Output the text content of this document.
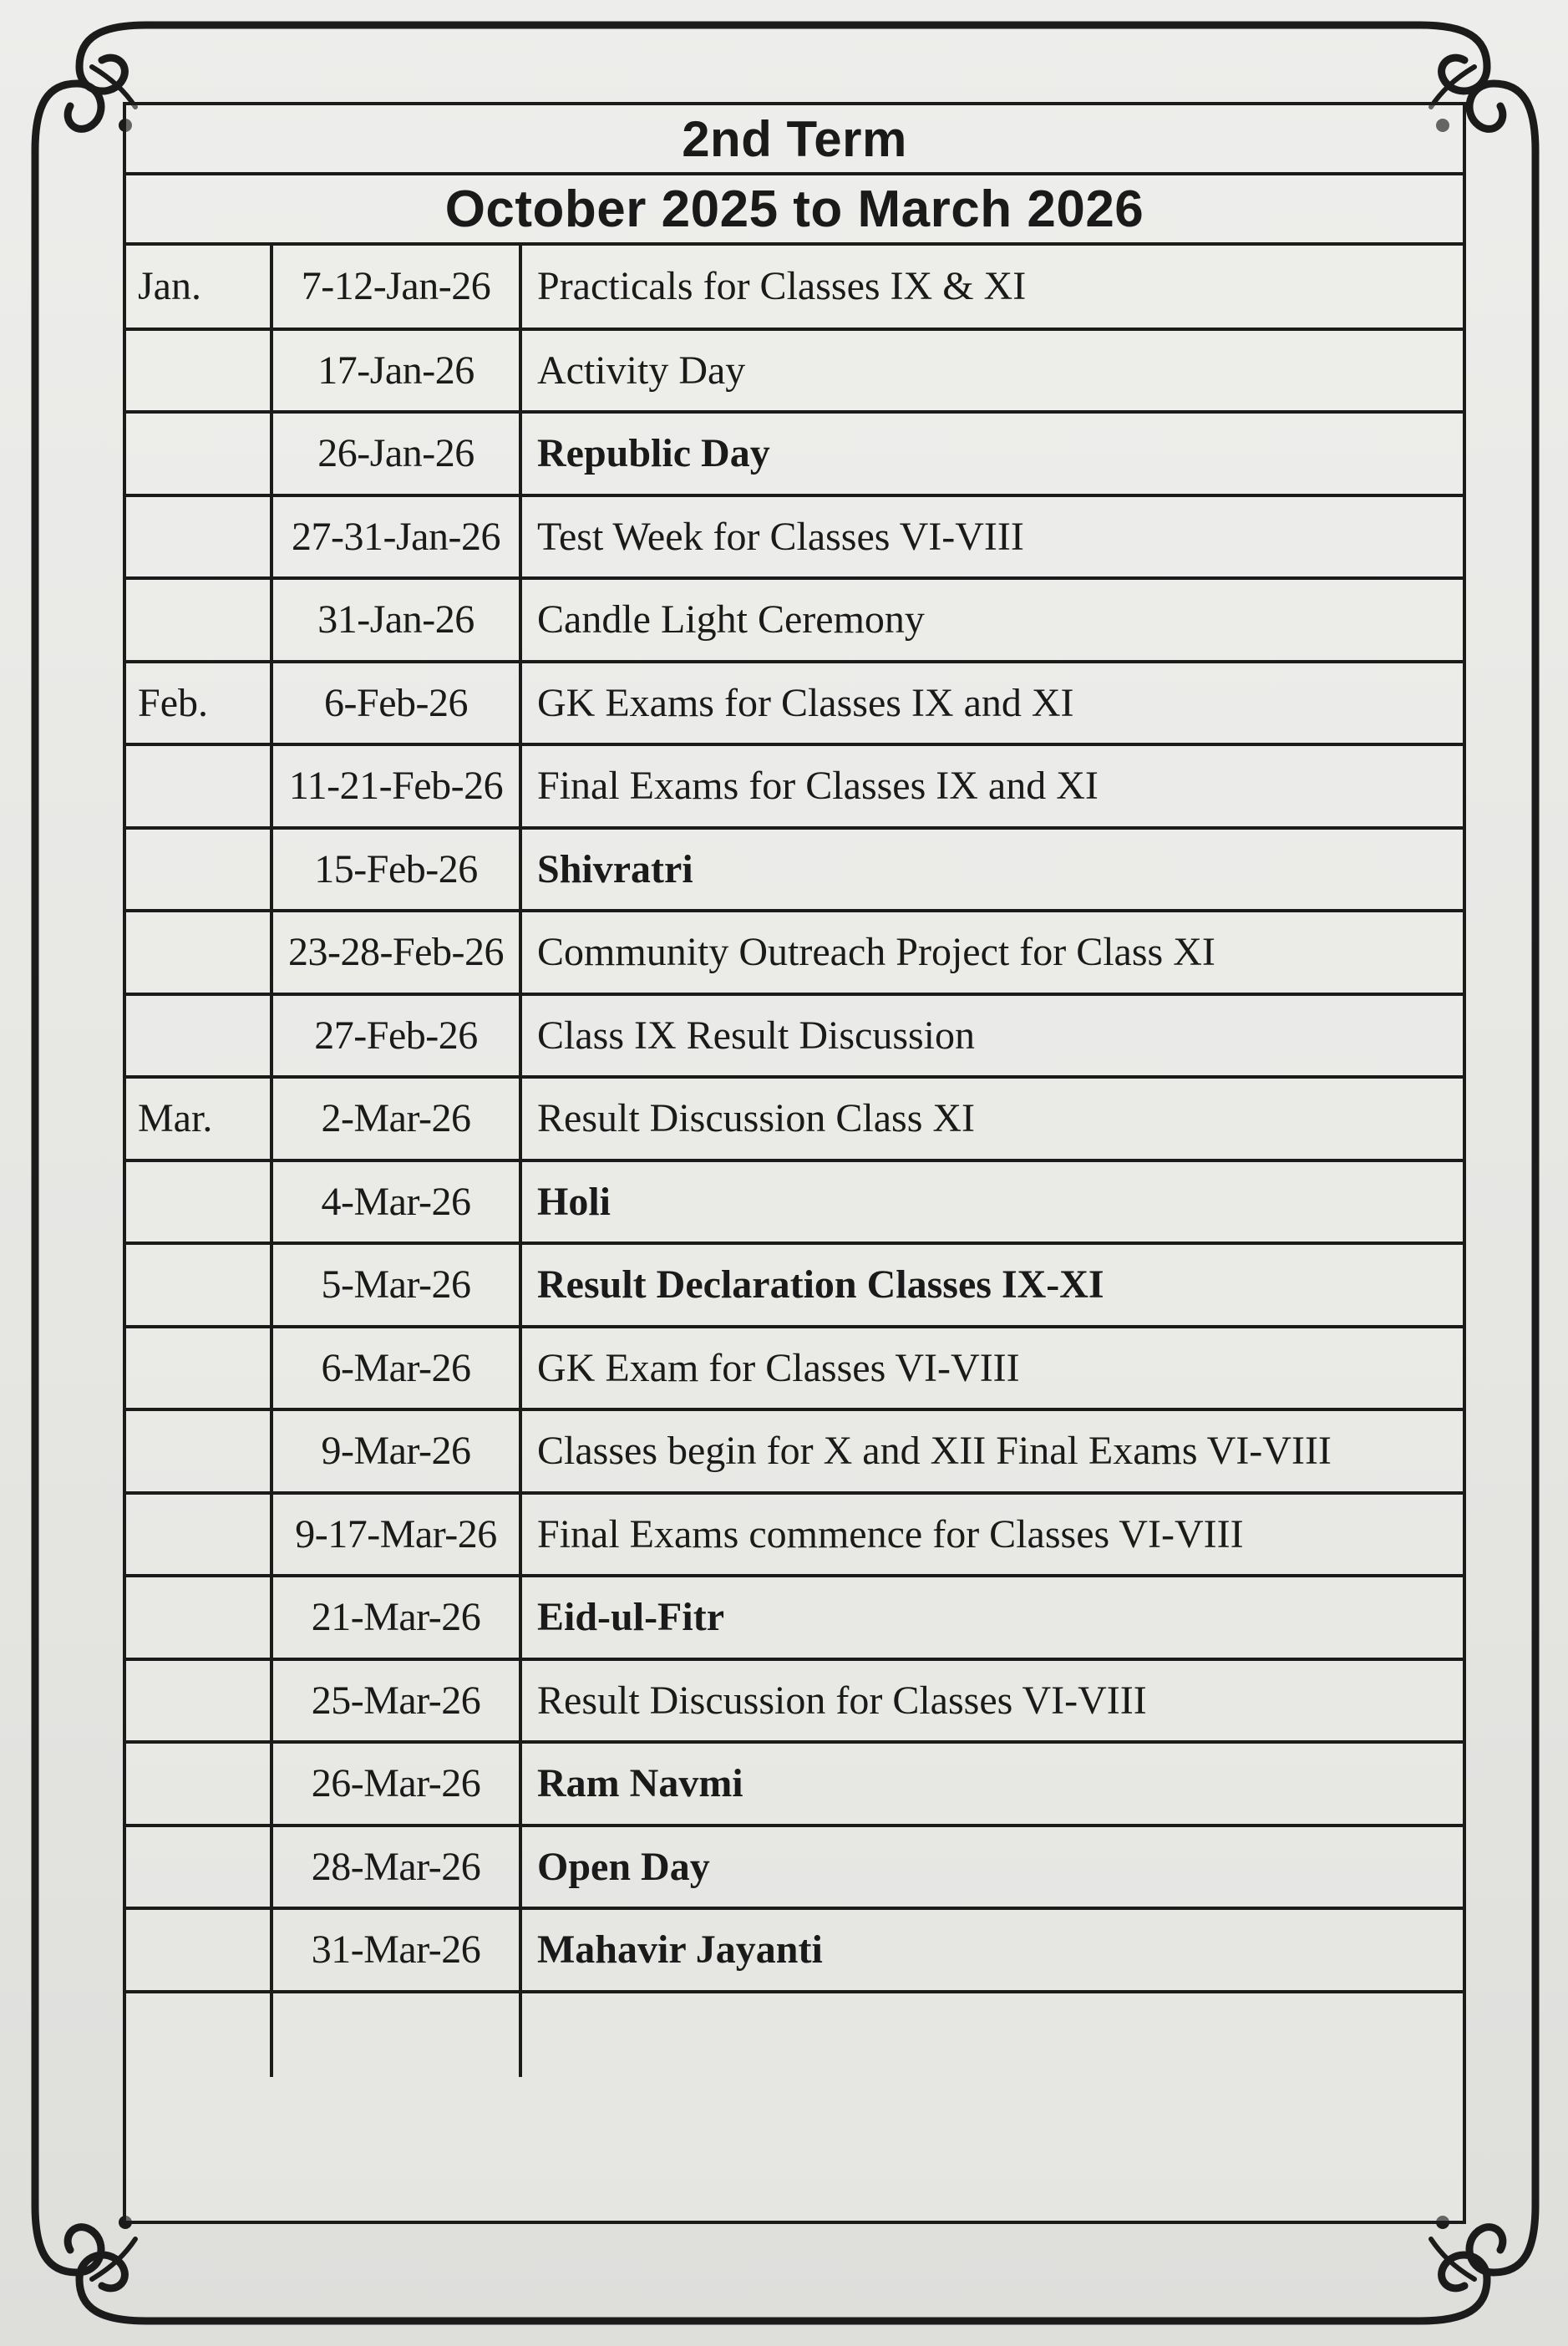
2nd Term
October 2025 to March 2026
Jan.	7-12-Jan-26	Practicals for Classes IX & XI
	17-Jan-26	Activity Day
	26-Jan-26	Republic Day
	27-31-Jan-26	Test Week for Classes VI-VIII
	31-Jan-26	Candle Light Ceremony
Feb.	6-Feb-26	GK Exams for Classes IX and XI
	11-21-Feb-26	Final Exams for Classes IX and XI
	15-Feb-26	Shivratri
	23-28-Feb-26	Community Outreach Project for Class XI
	27-Feb-26	Class IX Result Discussion
Mar.	2-Mar-26	Result Discussion Class XI
	4-Mar-26	Holi
	5-Mar-26	Result Declaration Classes IX-XI
	6-Mar-26	GK Exam for Classes VI-VIII
	9-Mar-26	Classes begin for X and XII Final Exams VI-VIII
	9-17-Mar-26	Final Exams commence for Classes VI-VIII
	21-Mar-26	Eid-ul-Fitr
	25-Mar-26	Result Discussion for Classes VI-VIII
	26-Mar-26	Ram Navmi
	28-Mar-26	Open Day
	31-Mar-26	Mahavir Jayanti
